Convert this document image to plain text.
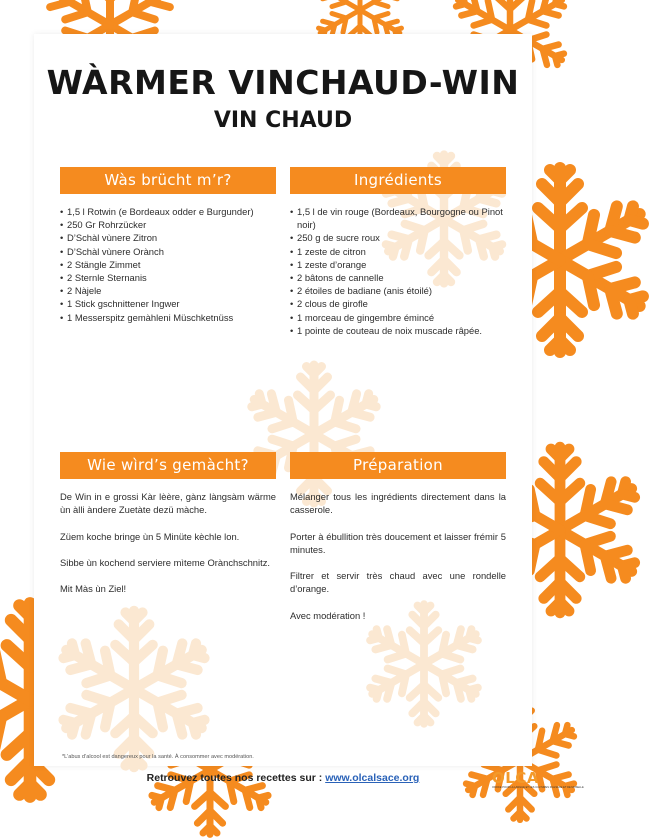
WÀRMER VINCHAUD-WIN
VIN CHAUD
Wàs brücht m’r?	Ingrédients
• 1,5 l Rotwin (e Bordeaux odder e Burgunder)
• 250 Gr Rohrzücker
• D’Schàl vùnere Zitron
• D’Schàl vùnere Orànch
• 2 Stängle Zimmet
• 2 Sternle Sternanis
• 2 Nàjele
• 1 Stick gschnittener Ingwer
• 1 Messerspitz gemàhleni Müschketnüss
• 1,5 l de vin rouge (Bordeaux, Bourgogne ou Pinot noir)
• 250 g de sucre roux
• 1 zeste de citron
• 1 zeste d’orange
• 2 bâtons de cannelle
• 2 étoiles de badiane (anis étoilé)
• 2 clous de girofle
• 1 morceau de gingembre émincé
• 1 pointe de couteau de noix muscade râpée.
Wie wìrd’s gemàcht?	Préparation

De Win in e grossi Kàr lèère, gànz làngsàm wärme ùn àlli àndere Zuetàte dezü màche.

Züem koche bringe ùn 5 Minüte kèchle lon.

Sibbe ùn kochend serviere mìteme Orànchschnitz.

Mit Màs ùn Ziel!

Mélanger tous les ingrédients directement dans la casserole.

Porter à ébullition très doucement et laisser frémir 5 minutes.

Filtrer et servir très chaud avec une rondelle d’orange.

Avec modération !

*L’abus d’alcool est dangereux pour la santé. À consommer avec modération.
Retrouvez toutes nos recettes sur : www.olcalsace.org	OLCA
OFFICE POUR LA LANGUE ET LES CULTURES D’ALSACE ET DE MOSELLE
